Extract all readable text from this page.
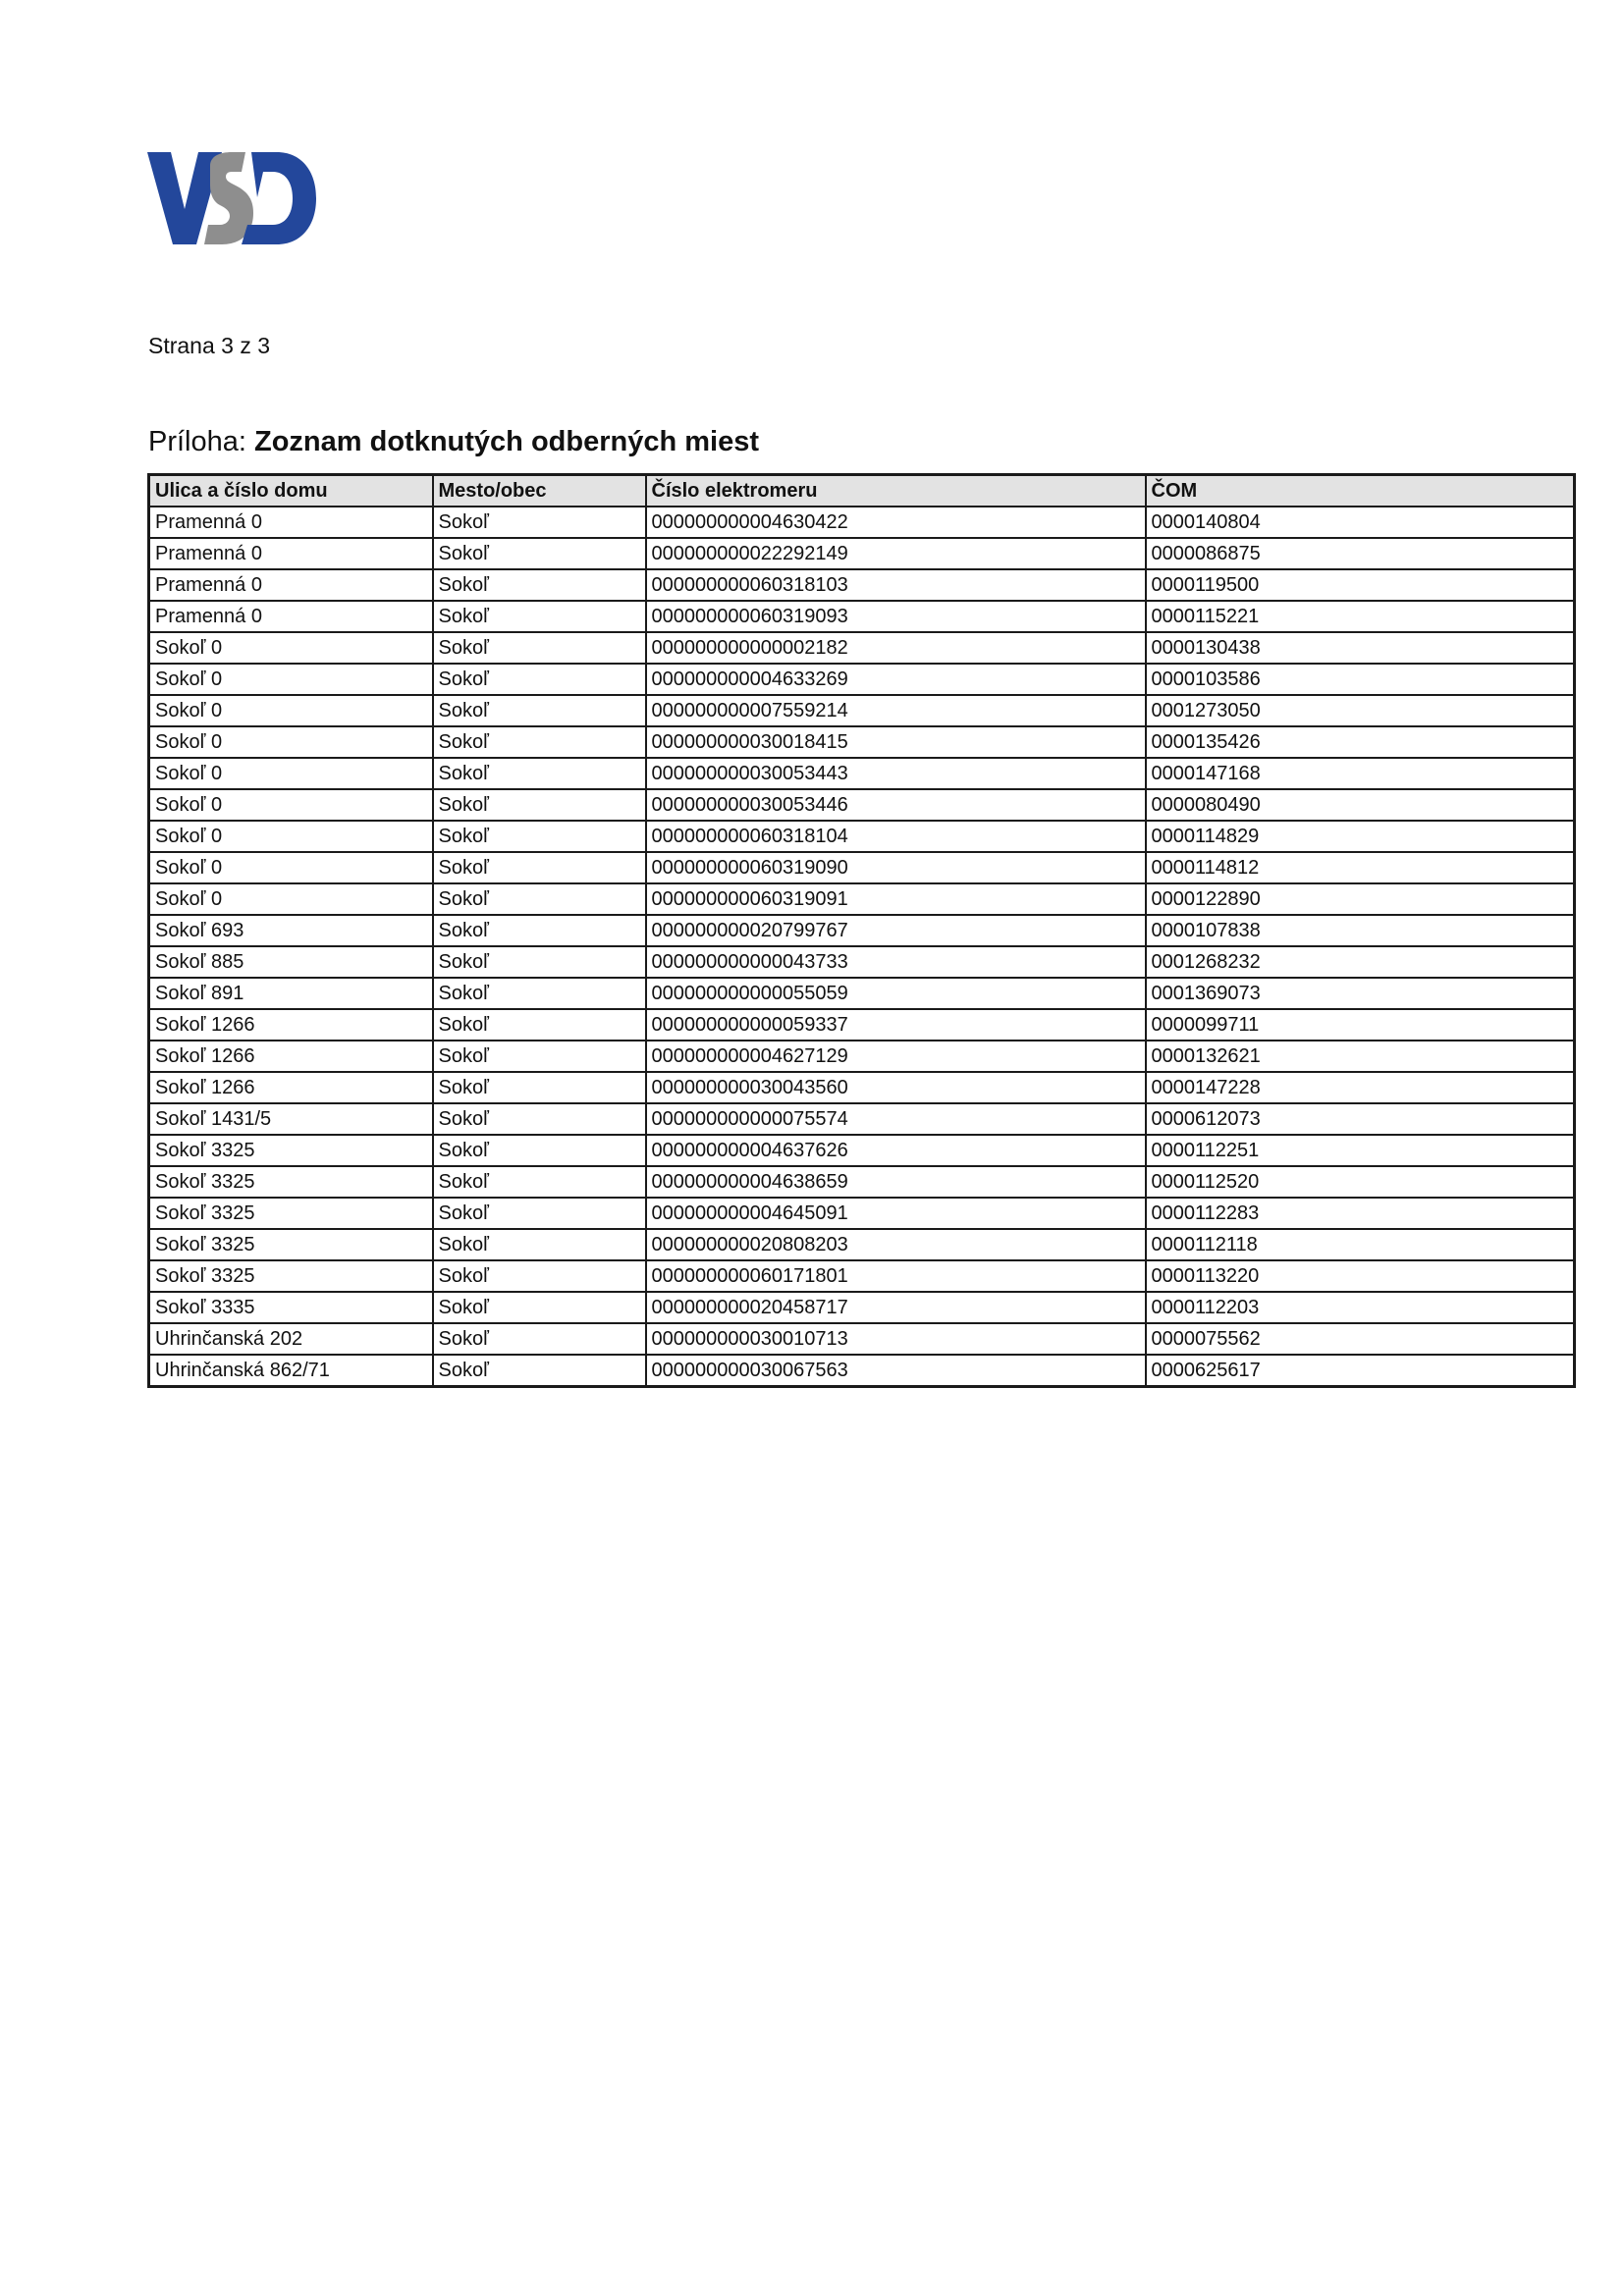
Strana 3 z 3
Príloha: Zoznam dotknutých odberných miest
Ulica a číslo domu	Mesto/obec	Číslo elektromeru	ČOM
Pramenná 0	Sokoľ	000000000004630422	0000140804
Pramenná 0	Sokoľ	000000000022292149	0000086875
Pramenná 0	Sokoľ	000000000060318103	0000119500
Pramenná 0	Sokoľ	000000000060319093	0000115221
Sokoľ 0	Sokoľ	000000000000002182	0000130438
Sokoľ 0	Sokoľ	000000000004633269	0000103586
Sokoľ 0	Sokoľ	000000000007559214	0001273050
Sokoľ 0	Sokoľ	000000000030018415	0000135426
Sokoľ 0	Sokoľ	000000000030053443	0000147168
Sokoľ 0	Sokoľ	000000000030053446	0000080490
Sokoľ 0	Sokoľ	000000000060318104	0000114829
Sokoľ 0	Sokoľ	000000000060319090	0000114812
Sokoľ 0	Sokoľ	000000000060319091	0000122890
Sokoľ 693	Sokoľ	000000000020799767	0000107838
Sokoľ 885	Sokoľ	000000000000043733	0001268232
Sokoľ 891	Sokoľ	000000000000055059	0001369073
Sokoľ 1266	Sokoľ	000000000000059337	0000099711
Sokoľ 1266	Sokoľ	000000000004627129	0000132621
Sokoľ 1266	Sokoľ	000000000030043560	0000147228
Sokoľ 1431/5	Sokoľ	000000000000075574	0000612073
Sokoľ 3325	Sokoľ	000000000004637626	0000112251
Sokoľ 3325	Sokoľ	000000000004638659	0000112520
Sokoľ 3325	Sokoľ	000000000004645091	0000112283
Sokoľ 3325	Sokoľ	000000000020808203	0000112118
Sokoľ 3325	Sokoľ	000000000060171801	0000113220
Sokoľ 3335	Sokoľ	000000000020458717	0000112203
Uhrinčanská 202	Sokoľ	000000000030010713	0000075562
Uhrinčanská 862/71	Sokoľ	000000000030067563	0000625617
